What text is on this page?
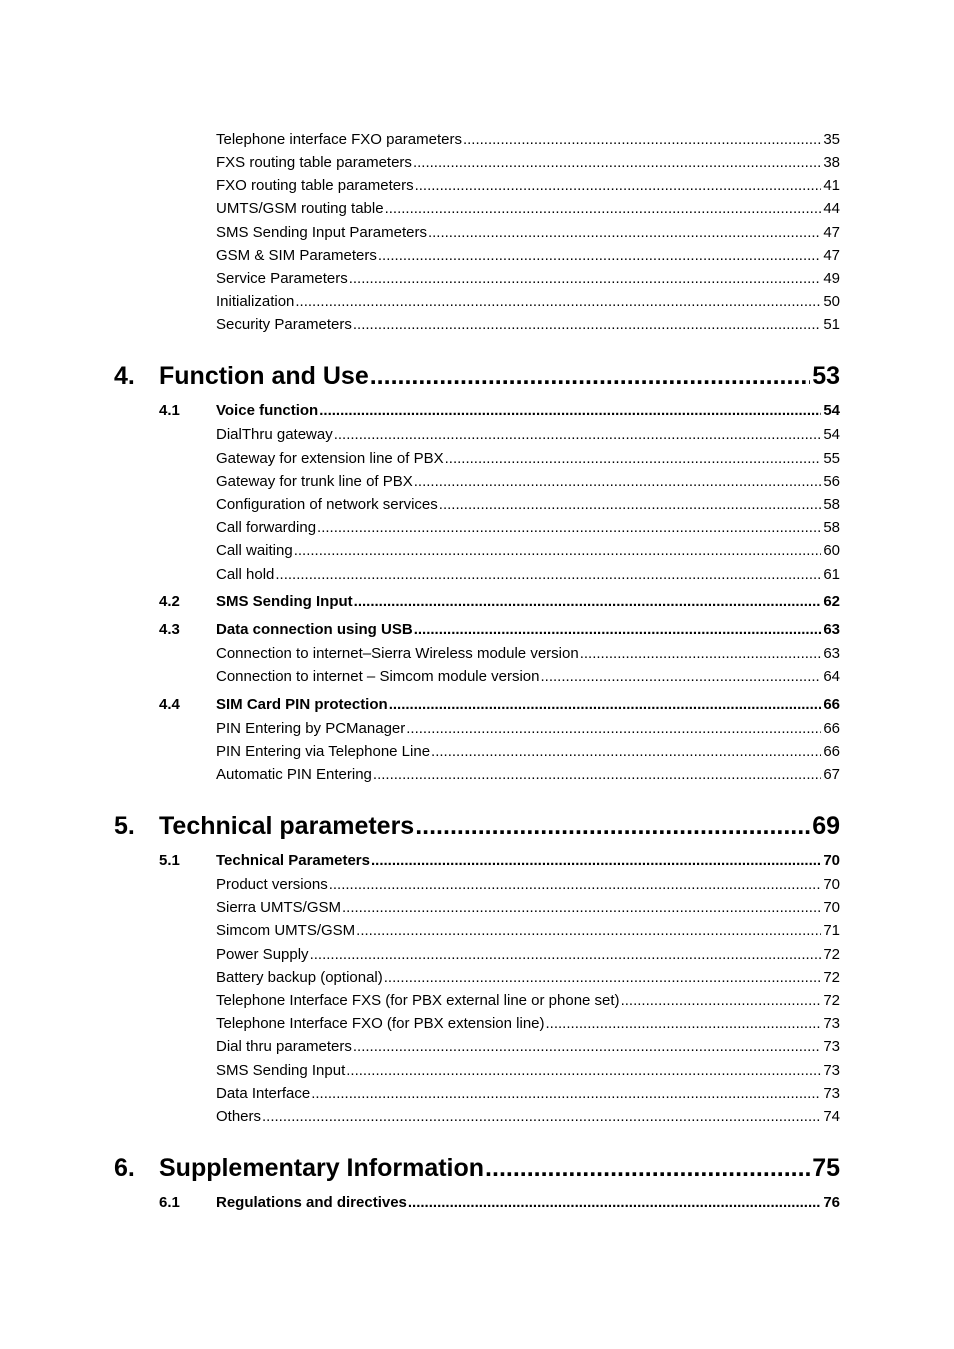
Telephone interface FXO parameters .....	35
FXS routing table parameters .....	38
FXO routing table parameters .....	41
UMTS/GSM routing table .....	44
SMS Sending Input Parameters .....	47
GSM & SIM Parameters .....	47
Service Parameters .....	49
Initialization .....	50
Security Parameters .....	51
4. Function and Use .....	53
4.1 Voice function .....	54
DialThru gateway .....	54
Gateway for extension line of PBX .....	55
Gateway for trunk line of PBX .....	56
Configuration of network services .....	58
Call forwarding .....	58
Call waiting .....	60
Call hold .....	61
4.2 SMS Sending Input .....	62
4.3 Data connection using USB .....	63
Connection to internet–Sierra Wireless module version .....	63
Connection to internet – Simcom module version .....	64
4.4 SIM Card PIN protection .....	66
PIN Entering by PCManager .....	66
PIN Entering via Telephone Line .....	66
Automatic PIN Entering .....	67
5. Technical parameters .....	69
5.1 Technical Parameters .....	70
Product versions .....	70
Sierra UMTS/GSM .....	70
Simcom UMTS/GSM .....	71
Power Supply .....	72
Battery backup (optional) .....	72
Telephone Interface FXS (for PBX external line or phone set) .....	72
Telephone Interface FXO (for PBX extension line) .....	73
Dial thru parameters .....	73
SMS Sending Input .....	73
Data Interface .....	73
Others .....	74
6. Supplementary Information .....	75
6.1 Regulations and directives .....	76
